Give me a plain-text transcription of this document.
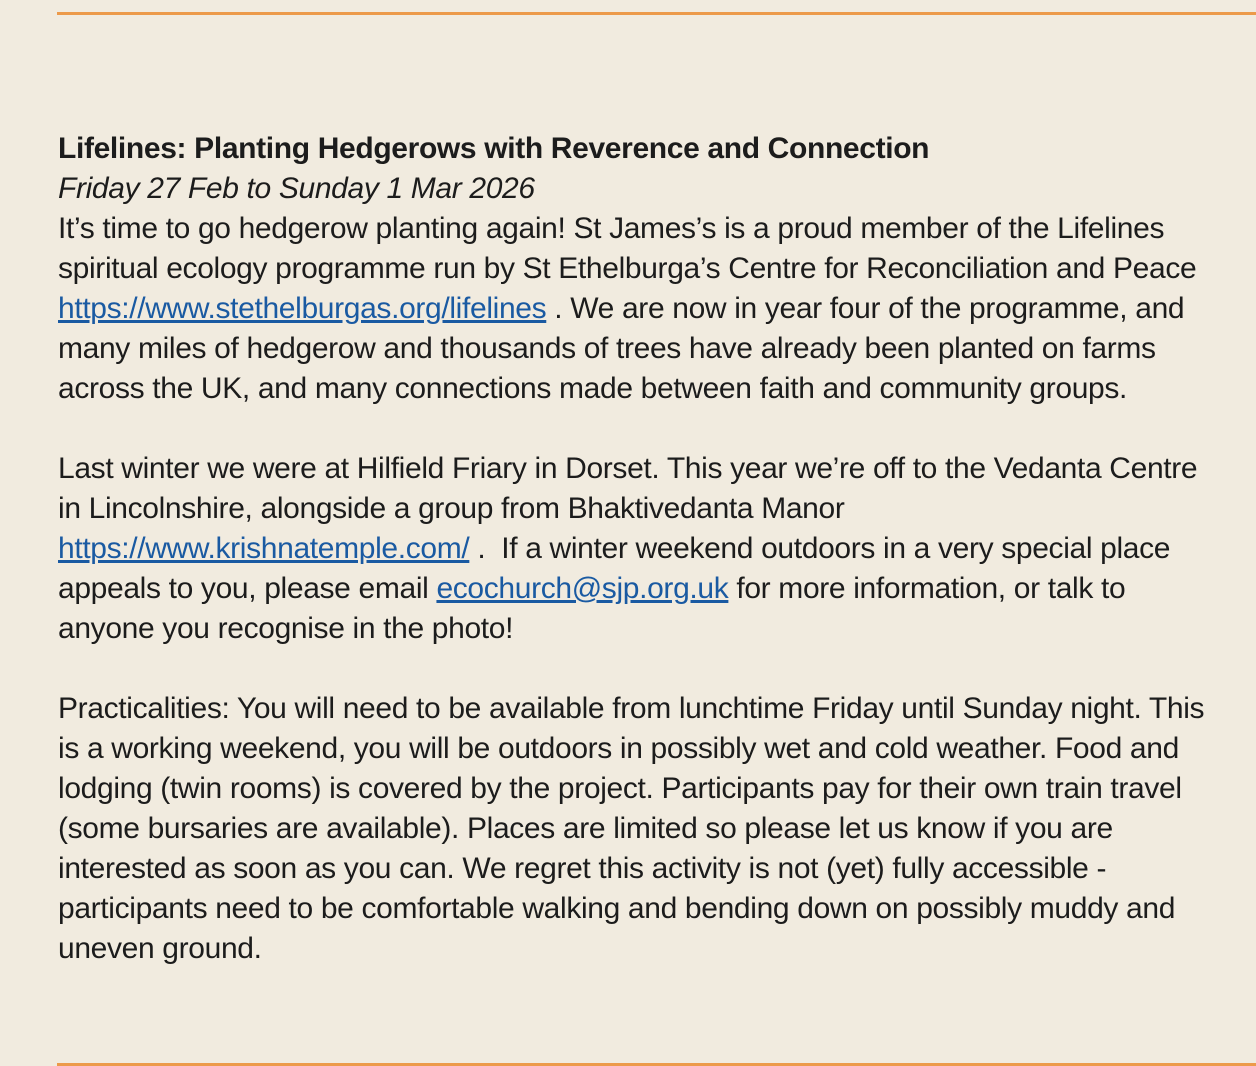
Lifelines: Planting Hedgerows with Reverence and Connection

Friday 27 Feb to Sunday 1 Mar 2026

It’s time to go hedgerow planting again! St James’s is a proud member of the Lifelines spiritual ecology programme run by St Ethelburga’s Centre for Reconciliation and Peace https://www.stethelburgas.org/lifelines . We are now in year four of the programme, and many miles of hedgerow and thousands of trees have already been planted on farms across the UK, and many connections made between faith and community groups.

Last winter we were at Hilfield Friary in Dorset. This year we’re off to the Vedanta Centre in Lincolnshire, alongside a group from Bhaktivedanta Manor https://www.krishnatemple.com/ .  If a winter weekend outdoors in a very special place appeals to you, please email ecochurch@sjp.org.uk for more information, or talk to anyone you recognise in the photo!

Practicalities: You will need to be available from lunchtime Friday until Sunday night. This is a working weekend, you will be outdoors in possibly wet and cold weather. Food and lodging (twin rooms) is covered by the project. Participants pay for their own train travel (some bursaries are available). Places are limited so please let us know if you are interested as soon as you can. We regret this activity is not (yet) fully accessible - participants need to be comfortable walking and bending down on possibly muddy and uneven ground.
